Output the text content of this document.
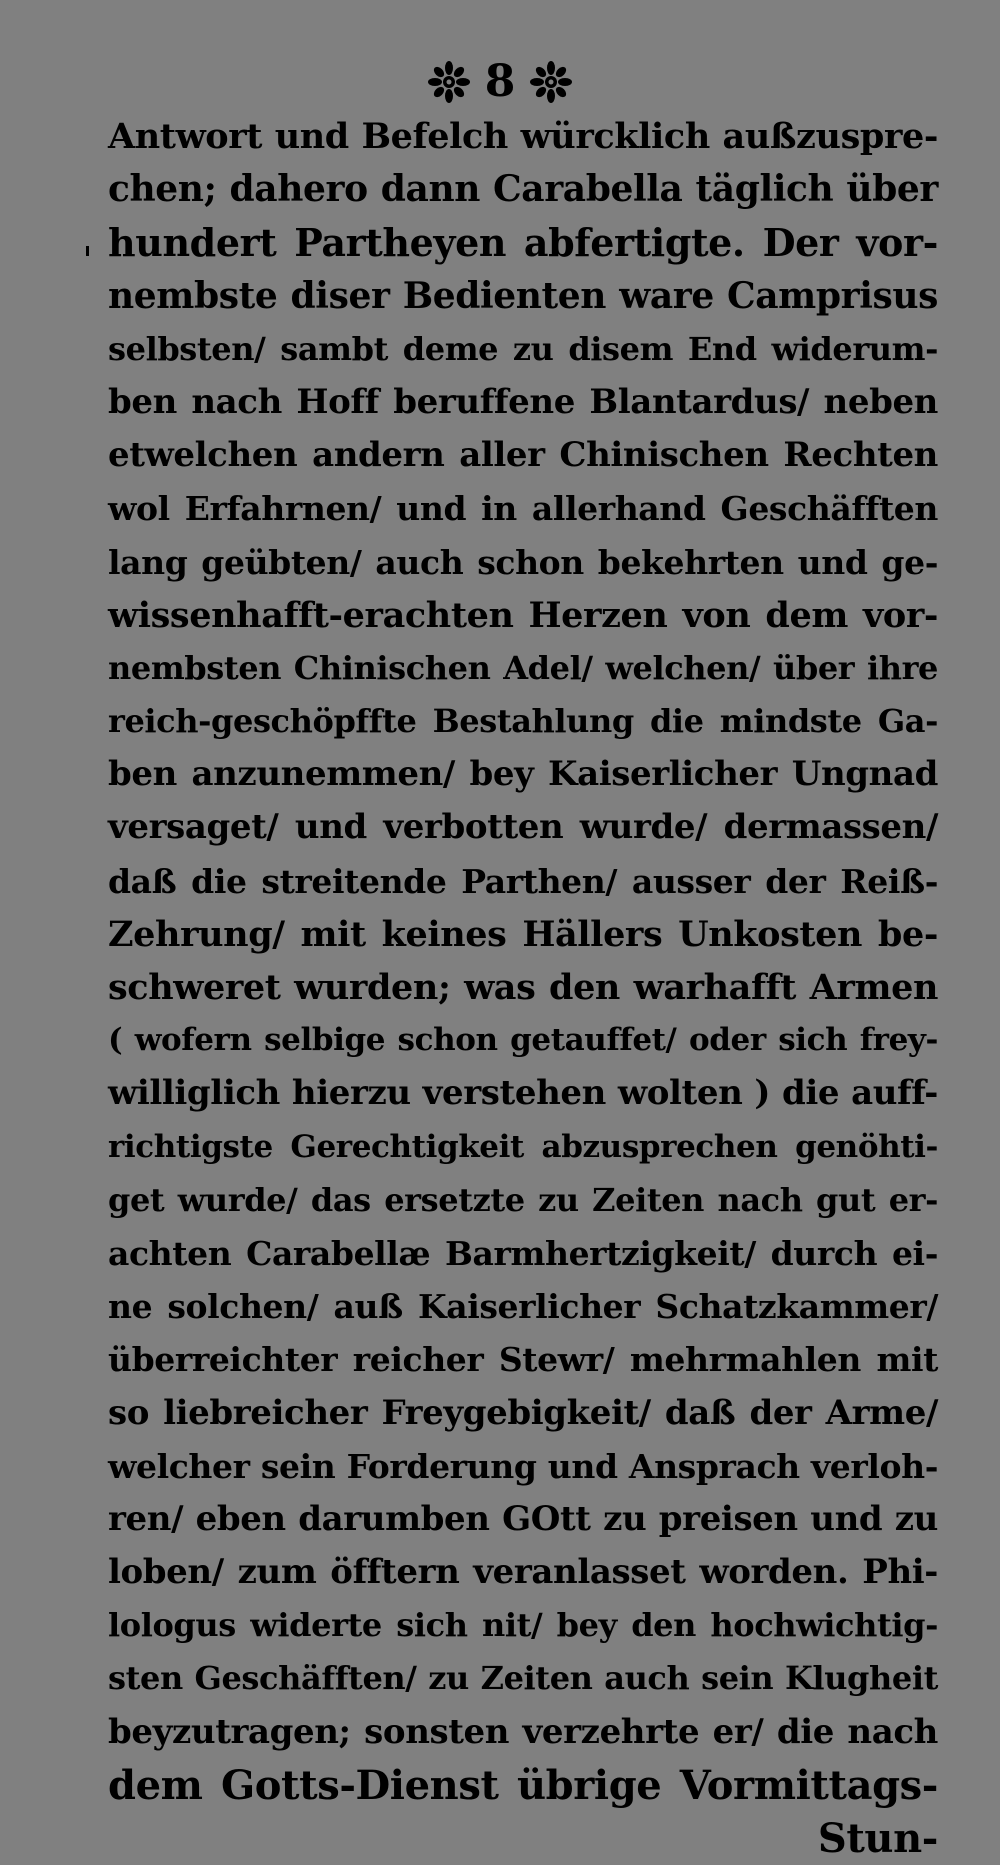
8
Antwort und Befelch würcklich außzuspre-
chen; dahero dann Carabella täglich über
hundert Partheyen abfertigte. Der vor-
nembste diser Bedienten ware Camprisus
selbsten/ sambt deme zu disem End widerum-
ben nach Hoff beruffene Blantardus/ neben
etwelchen andern aller Chinischen Rechten
wol Erfahrnen/ und in allerhand Geschäfften
lang geübten/ auch schon bekehrten und ge-
wissenhafft-erachten Herzen von dem vor-
nembsten Chinischen Adel/ welchen/ über ihre
reich-geschöpffte Bestahlung die mindste Ga-
ben anzunemmen/ bey Kaiserlicher Ungnad
versaget/ und verbotten wurde/ dermassen/
daß die streitende Parthen/ ausser der Reiß-
Zehrung/ mit keines Hällers Unkosten be-
schweret wurden; was den warhafft Armen
( wofern selbige schon getauffet/ oder sich frey-
williglich hierzu verstehen wolten ) die auff-
richtigste Gerechtigkeit abzusprechen genöhti-
get wurde/ das ersetzte zu Zeiten nach gut er-
achten Carabellæ Barmhertzigkeit/ durch ei-
ne solchen/ auß Kaiserlicher Schatzkammer/
überreichter reicher Stewr/ mehrmahlen mit
so liebreicher Freygebigkeit/ daß der Arme/
welcher sein Forderung und Ansprach verloh-
ren/ eben darumben GOtt zu preisen und zu
loben/ zum öfftern veranlasset worden. Phi-
lologus widerte sich nit/ bey den hochwichtig-
sten Geschäfften/ zu Zeiten auch sein Klugheit
beyzutragen; sonsten verzehrte er/ die nach
dem Gotts-Dienst übrige Vormittags-
Stun-
